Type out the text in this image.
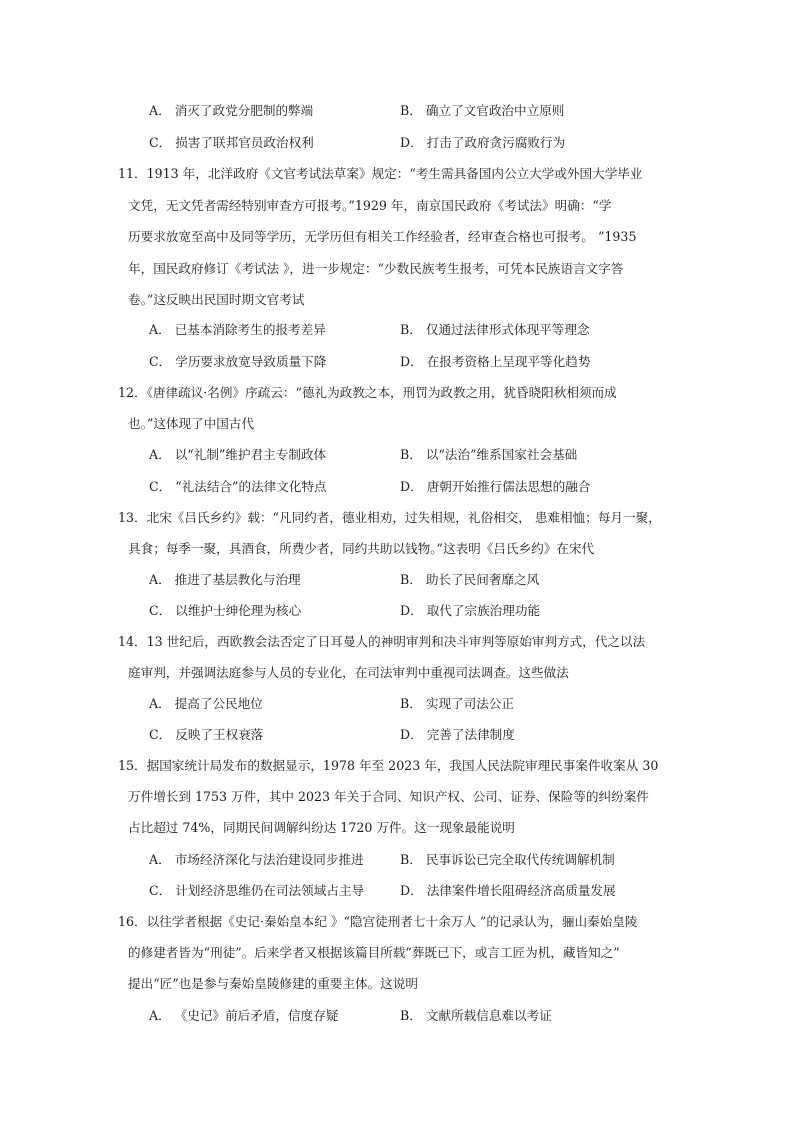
A． 消灭了政党分肥制的弊端	B． 确立了文官政治中立原则
C． 损害了联邦官员政治权利	D． 打击了政府贪污腐败行为
11．1913 年，北洋政府《文官考试法草案》规定：“考生需具备国内公立大学或外国大学毕业
文凭，无文凭者需经特别审查方可报考。”1929 年，南京国民政府《考试法》明确：“学
历要求放宽至高中及同等学历，无学历但有相关工作经验者，经审查合格也可报考。 ”1935
年，国民政府修订《考试法 》，进一步规定：“少数民族考生报考，可凭本民族语言文字答
卷。”这反映出民国时期文官考试
A． 已基本消除考生的报考差异	B． 仅通过法律形式体现平等理念
C． 学历要求放宽导致质量下降	D． 在报考资格上呈现平等化趋势
12．《唐律疏议·名例》序疏云：“德礼为政教之本，刑罚为政教之用，犹昏晓阳秋相须而成
也。”这体现了中国古代
A． 以“礼制”维护君主专制政体	B． 以“法治”维系国家社会基础
C． “礼法结合”的法律文化特点	D． 唐朝开始推行儒法思想的融合
13．北宋《吕氏乡约》载：“凡同约者，德业相劝，过失相规，礼俗相交， 患难相恤；每月一聚，
具食；每季一聚，具酒食，所费少者，同约共助以钱物。”这表明《吕氏乡约》在宋代
A． 推进了基层教化与治理	B． 助长了民间奢靡之风
C． 以维护士绅伦理为核心	D． 取代了宗族治理功能
14．13 世纪后，西欧教会法否定了日耳曼人的神明审判和决斗审判等原始审判方式，代之以法
庭审判，并强调法庭参与人员的专业化，在司法审判中重视司法调查。这些做法
A． 提高了公民地位	B． 实现了司法公正
C． 反映了王权衰落	D． 完善了法律制度
15．据国家统计局发布的数据显示，1978 年至 2023 年，我国人民法院审理民事案件收案从 30
万件增长到 1753 万件，其中 2023 年关于合同、知识产权、公司、证券、保险等的纠纷案件
占比超过 74%，同期民间调解纠纷达 1720 万件。这一现象最能说明
A． 市场经济深化与法治建设同步推进	B． 民事诉讼已完全取代传统调解机制
C． 计划经济思维仍在司法领域占主导	D． 法律案件增长阻碍经济高质量发展
16．以往学者根据《史记·秦始皇本纪 》“隐宫徒刑者七十余万人 ”的记录认为，骊山秦始皇陵
的修建者皆为“刑徒”。后来学者又根据该篇目所载“葬既已下，或言工匠为机，藏皆知之”
提出“匠”也是参与秦始皇陵修建的重要主体。这说明
A． 《史记》前后矛盾，信度存疑	B． 文献所载信息难以考证
